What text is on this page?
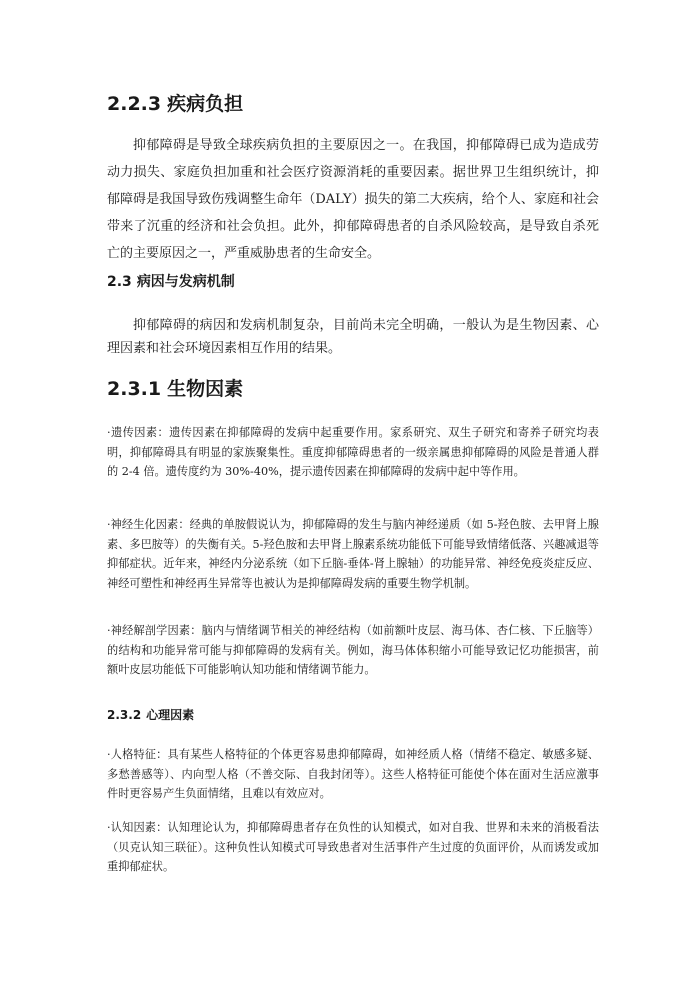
2.2.3 疾病负担

抑郁障碍是导致全球疾病负担的主要原因之一。在我国，抑郁障碍已成为造成劳动力损失、家庭负担加重和社会医疗资源消耗的重要因素。据世界卫生组织统计，抑郁障碍是我国导致伤残调整生命年（DALY）损失的第二大疾病，给个人、家庭和社会带来了沉重的经济和社会负担。此外，抑郁障碍患者的自杀风险较高，是导致自杀死亡的主要原因之一，严重威胁患者的生命安全。

2.3 病因与发病机制

抑郁障碍的病因和发病机制复杂，目前尚未完全明确，一般认为是生物因素、心理因素和社会环境因素相互作用的结果。

2.3.1 生物因素

·遗传因素：遗传因素在抑郁障碍的发病中起重要作用。家系研究、双生子研究和寄养子研究均表明，抑郁障碍具有明显的家族聚集性。重度抑郁障碍患者的一级亲属患抑郁障碍的风险是普通人群的 2-4 倍。遗传度约为 30%-40%，提示遗传因素在抑郁障碍的发病中起中等作用。

·神经生化因素：经典的单胺假说认为，抑郁障碍的发生与脑内神经递质（如 5-羟色胺、去甲肾上腺素、多巴胺等）的失衡有关。5-羟色胺和去甲肾上腺素系统功能低下可能导致情绪低落、兴趣减退等抑郁症状。近年来，神经内分泌系统（如下丘脑-垂体-肾上腺轴）的功能异常、神经免疫炎症反应、神经可塑性和神经再生异常等也被认为是抑郁障碍发病的重要生物学机制。

·神经解剖学因素：脑内与情绪调节相关的神经结构（如前额叶皮层、海马体、杏仁核、下丘脑等）的结构和功能异常可能与抑郁障碍的发病有关。例如，海马体体积缩小可能导致记忆功能损害，前额叶皮层功能低下可能影响认知功能和情绪调节能力。

2.3.2 心理因素

·人格特征：具有某些人格特征的个体更容易患抑郁障碍，如神经质人格（情绪不稳定、敏感多疑、多愁善感等）、内向型人格（不善交际、自我封闭等）。这些人格特征可能使个体在面对生活应激事件时更容易产生负面情绪，且难以有效应对。

·认知因素：认知理论认为，抑郁障碍患者存在负性的认知模式，如对自我、世界和未来的消极看法（贝克认知三联征）。这种负性认知模式可导致患者对生活事件产生过度的负面评价，从而诱发或加重抑郁症状。
